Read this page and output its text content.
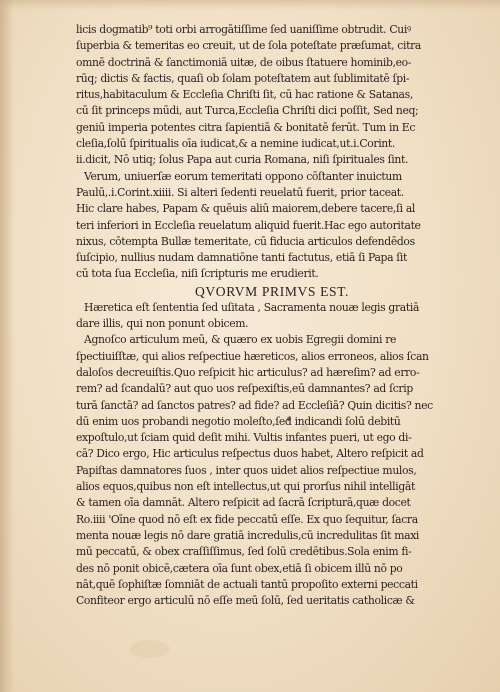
licis dogmatib⁹ toti orbi arrogātiſſime ſed uaniſſime obtrudit. Cuiꝰ
ſuperbia & temeritas eo creuit, ut de ſola poteſtate præſumat, citra
omnē doctrinā & ſanctimoniā uitæ, de oibus ſtatuere hominib,eo-
rūq; dictis & factis, quaſi ob ſolam poteſtatem aut ſublimitatē ſpi-
ritus,habitaculum & Eccleſia Chriſti ſit, cū hac ratione & Satanas,
cū ſit princeps mūdi, aut Turca,Eccleſia Chriſti dici poſſit, Sed neq;
geniū imperia potentes citra ſapientiā & bonitatē ferūt. Tum in Ec
cleſia,ſolū ſpiritualis oīa iudicat,& a nemine iudicat,ut.i.Corint.
ii.dicit, Nō utiq; ſolus Papa aut curia Romana, niſi ſpirituales ſint.
Verum, uniuerſæ eorum temeritati oppono cōſtanter inuictum
Paulū,.i.Corint.xiiii. Si alteri ſedenti reuelatū fuerit, prior taceat.
Hic clare habes, Papam & quēuis aliū maiorem,debere tacere,ſi al
teri inferiori in Eccleſia reuelatum aliquid fuerit.Hac ego autoritate
nixus, cōtempta Bullæ temeritate, cū fiducia articulos defendēdos
ſuſcipio, nullius nudam damnatiōne tanti factutus, etiā ſi Papa ſit
cū tota ſua Eccleſia, niſi ſcripturis me erudierit.
QVORVM PRIMVS EST.
Hæretica eſt ſententia ſed uſitata , Sacramenta nouæ legis gratiā
dare illis, qui non ponunt obicem.
Agnoſco articulum meū, & quæro ex uobis Egregii domini re
ſpectiuiſſtæ, qui alios reſpectiue hæreticos, alios erroneos, alios ſcan
daloſos decreuiſtis.Quo reſpicit hic articulus? ad hæreſim? ad erro-
rem? ad ſcandalū? aut quo uos reſpexiſtis,eū damnantes? ad ſcrip
turā ſanctā? ad ſanctos patres? ad fide? ad Eccleſiā? Quin dicitis? nec
dū enim uos probandi negotio moleſto,ſed indicandi ſolū debitū
expoſtulo,ut ſciam quid deſit mihi. Vultis infantes pueri, ut ego di-
cā? Dico ergo, Hic articulus reſpectus duos habet, Altero reſpicit ad
Papiſtas damnatores ſuos , inter quos uidet alios reſpectiue mulos,
alios equos,quibus non eſt intellectus,ut qui prorſus nihil intelligāt
& tamen oīa damnāt. Altero reſpicit ad ſacrā ſcripturā,quæ docet
Ro.iiii 'Oīne quod nō eſt ex fide peccatū eſſe. Ex quo ſequitur, ſacra
menta nouæ legis nō dare gratiā incredulis,cū incredulitas ſit maxi
mū peccatū, & obex craſſiſſimus, ſed ſolū credētibus.Sola enim fi-
des nō ponit obicē,cætera oīa ſunt obex,etiā ſi obicem illū nō po
nāt,quē ſophiſtæ ſomniāt de actuali tantū propoſito externi peccati
Confiteor ergo articulū nō eſſe meū ſolū, ſed ueritatis catholicæ &
